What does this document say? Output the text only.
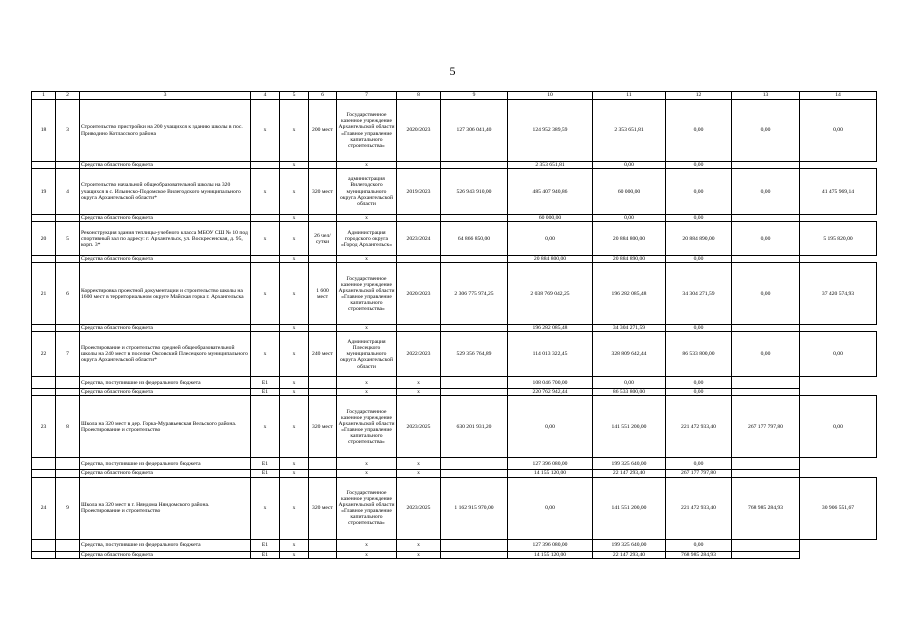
5
1	2	3	4	5	6	7	8	9	10	11	12	13	14
18	3	Строительство пристройки на 200 учащихся к зданию школы в пос. Приводино Котласского района	х	х	200 мест	Государственное казенное учреждение Архангельской области «Главное управление капитального строительства»	2020/2023	127 306 041,40	124 952 389,59	2 353 651,81	0,00	0,00	0,00
		Средства областного бюджета		х		х			2 353 651,81	0,00	0,00		
19	4	Строительство начальной общеобразовательной школы на 320 учащихся в с. Ильинско-Подомское Вилегодского муниципального округа Архангельской области*	х	х	320 мест	администрация Вилегодского муниципального округа Архангельской области	2019/2023	526 943 910,00	485 407 940,86	60 000,00	0,00	0,00	41 475 969,14
		Средства областного бюджета		х		х			60 000,00	0,00	0,00		
20	5	Реконструкция здания теплицы-учебного класса МБОУ СШ № 10 под спортивный зал по адресу: г. Архангельск, ул. Воскресенская, д. 95, корп. 3*	х	х	26 чел/сутки	Администрация городского округа «Город Архангельск»	2023/2024	64 866 850,00	0,00	20 884 800,00	20 884 890,00	0,00	5 195 820,00
		Средства областного бюджета		х		х			20 884 800,00	20 884 890,00	0,00		
21	6	Корректировка проектной документации и строительство школы на 1600 мест в территориальном округе Майская горка г. Архангельска	х	х	1 600 мест	Государственное казенное учреждение Архангельской области «Главное управление капитального строительства»	2020/2023	2 306 775 974,25	2 038 769 042,25	196 282 085,48	34 304 271,59	0,00	37 420 574,93
		Средства областного бюджета		х		х			196 282 085,48	34 304 271,59	0,00		
22	7	Проектирование и строительство средней общеобразовательной школы на 240 мест в поселке Оксовский Плесецкого муниципального округа Архангельской области*	х	х	240 мест	Администрация Плесецкого муниципального округа Архангельской области	2022/2023	529 356 764,89	114 013 322,45	328 809 642,44	86 533 800,00	0,00	0,00
		Средства, поступившие из федерального бюджета	Е1	х		х	х		108 046 700,00	0,00	0,00		
		Средства областного бюджета	Е1	х		х	х		220 762 942,44	86 533 800,00	0,00		
23	8	Школа на 320 мест в дер. Горка-Муравьевская Вельского района. Проектирование и строительство	х	х	320 мест	Государственное казенное учреждение Архангельской области «Главное управление капитального строительства»	2023/2025	630 201 931,20	0,00	141 551 200,00	221 472 933,40	267 177 797,80	0,00
		Средства, поступившие из федерального бюджета	Е1	х		х	х		127 396 080,00	199 325 640,00	0,00		
		Средства областного бюджета	Е1	х		х	х		14 155 120,00	22 147 293,40	267 177 797,80		
24	9	Школа на 320 мест в г. Няндома Няндомского района. Проектирование и строительство	х	х	320 мест	Государственное казенное учреждение Архангельской области «Главное управление капитального строительства»	2023/2025	1 162 915 970,00	0,00	141 551 200,00	221 472 933,40	768 985 284,93	30 906 551,67
		Средства, поступившие из федерального бюджета	Е1	х		х	х		127 396 080,00	199 325 640,00	0,00		
		Средства областного бюджета	Е1	х		х	х		14 155 120,00	22 147 293,40	768 985 284,93		
